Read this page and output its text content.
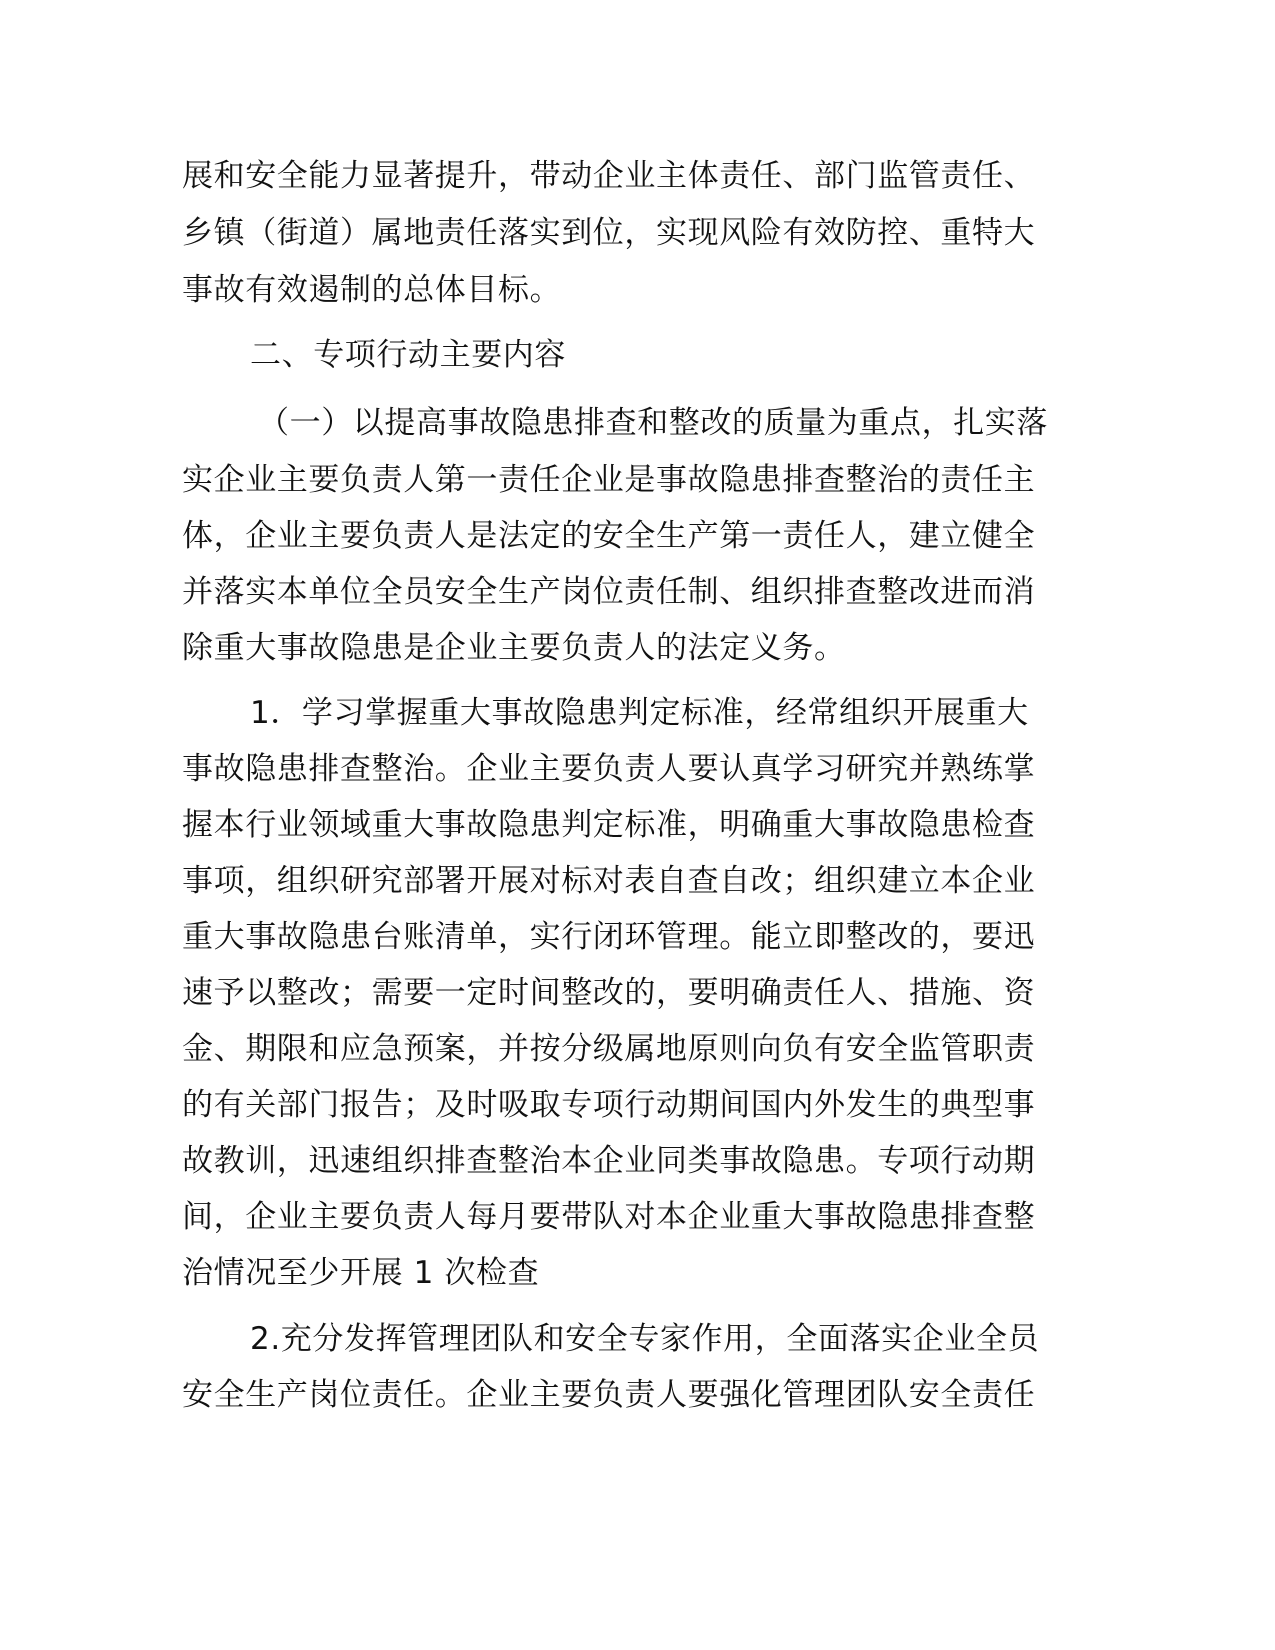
展和安全能力显著提升，带动企业主体责任、部门监管责任、
乡镇（街道）属地责任落实到位，实现风险有效防控、重特大
事故有效遏制的总体目标。
二、专项行动主要内容
（一）以提高事故隐患排查和整改的质量为重点，扎实落
实企业主要负责人第一责任企业是事故隐患排查整治的责任主
体，企业主要负责人是法定的安全生产第一责任人，建立健全
并落实本单位全员安全生产岗位责任制、组织排查整改进而消
除重大事故隐患是企业主要负责人的法定义务。
1．学习掌握重大事故隐患判定标准，经常组织开展重大
事故隐患排查整治。企业主要负责人要认真学习研究并熟练掌
握本行业领域重大事故隐患判定标准，明确重大事故隐患检查
事项，组织研究部署开展对标对表自查自改；组织建立本企业
重大事故隐患台账清单，实行闭环管理。能立即整改的，要迅
速予以整改；需要一定时间整改的，要明确责任人、措施、资
金、期限和应急预案，并按分级属地原则向负有安全监管职责
的有关部门报告；及时吸取专项行动期间国内外发生的典型事
故教训，迅速组织排查整治本企业同类事故隐患。专项行动期
间，企业主要负责人每月要带队对本企业重大事故隐患排查整
治情况至少开展 1 次检查
2.充分发挥管理团队和安全专家作用，全面落实企业全员
安全生产岗位责任。企业主要负责人要强化管理团队安全责任
